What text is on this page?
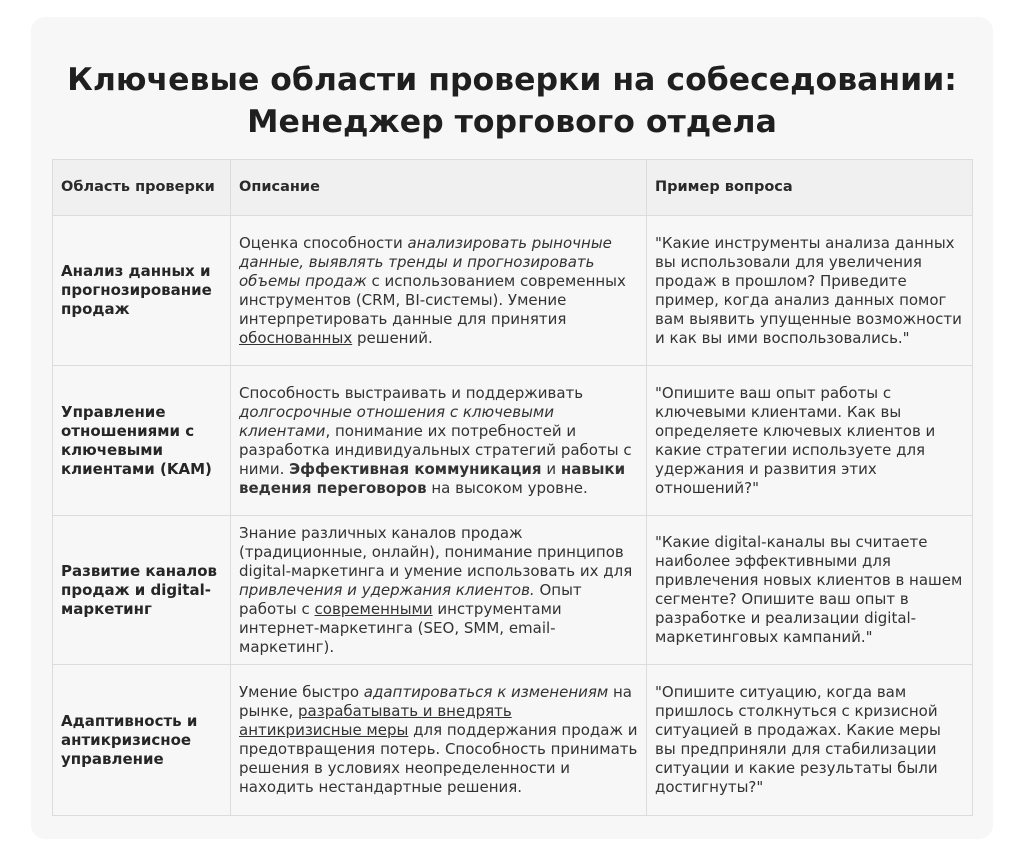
Ключевые области проверки на собеседовании:
Менеджер торгового отдела
Область проверки	Описание	Пример вопроса
Анализ данных и прогнозирование продаж	Оценка способности анализировать рыночные данные, выявлять тренды и прогнозировать объемы продаж с использованием современных инструментов (CRM, BI-системы). Умение интерпретировать данные для принятия обоснованных решений.	"Какие инструменты анализа данных вы использовали для увеличения продаж в прошлом? Приведите пример, когда анализ данных помог вам выявить упущенные возможности и как вы ими воспользовались."
Управление отношениями с ключевыми клиентами (KAM)	Способность выстраивать и поддерживать долгосрочные отношения с ключевыми клиентами, понимание их потребностей и разработка индивидуальных стратегий работы с ними. Эффективная коммуникация и навыки ведения переговоров на высоком уровне.	"Опишите ваш опыт работы с ключевыми клиентами. Как вы определяете ключевых клиентов и какие стратегии используете для удержания и развития этих отношений?"
Развитие каналов продаж и digital-маркетинг	Знание различных каналов продаж (традиционные, онлайн), понимание принципов digital-маркетинга и умение использовать их для привлечения и удержания клиентов. Опыт работы с современными инструментами интернет-маркетинга (SEO, SMM, email-маркетинг).	"Какие digital-каналы вы считаете наиболее эффективными для привлечения новых клиентов в нашем сегменте? Опишите ваш опыт в разработке и реализации digital-маркетинговых кампаний."
Адаптивность и антикризисное управление	Умение быстро адаптироваться к изменениям на рынке, разрабатывать и внедрять антикризисные меры для поддержания продаж и предотвращения потерь. Способность принимать решения в условиях неопределенности и находить нестандартные решения.	"Опишите ситуацию, когда вам пришлось столкнуться с кризисной ситуацией в продажах. Какие меры вы предприняли для стабилизации ситуации и какие результаты были достигнуты?"
